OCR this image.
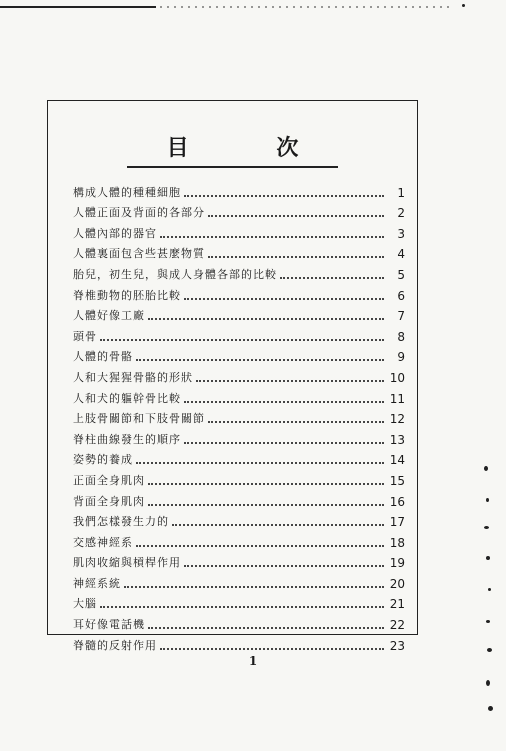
目 次
構成人體的種種細胞	1
人體正面及背面的各部分	2
人體內部的器官	3
人體裏面包含些甚麼物質	4
胎兒，初生兒，與成人身體各部的比較	5
脊椎動物的胚胎比較	6
人體好像工廠	7
頭骨	8
人體的骨骼	9
人和大猩猩骨骼的形狀	10
人和犬的軀幹骨比較	11
上肢骨關節和下肢骨關節	12
脊柱曲線發生的順序	13
姿勢的養成	14
正面全身肌肉	15
背面全身肌肉	16
我們怎樣發生力的	17
交感神經系	18
肌肉收縮與槓桿作用	19
神經系統	20
大腦	21
耳好像電話機	22
脊髓的反射作用	23
1
